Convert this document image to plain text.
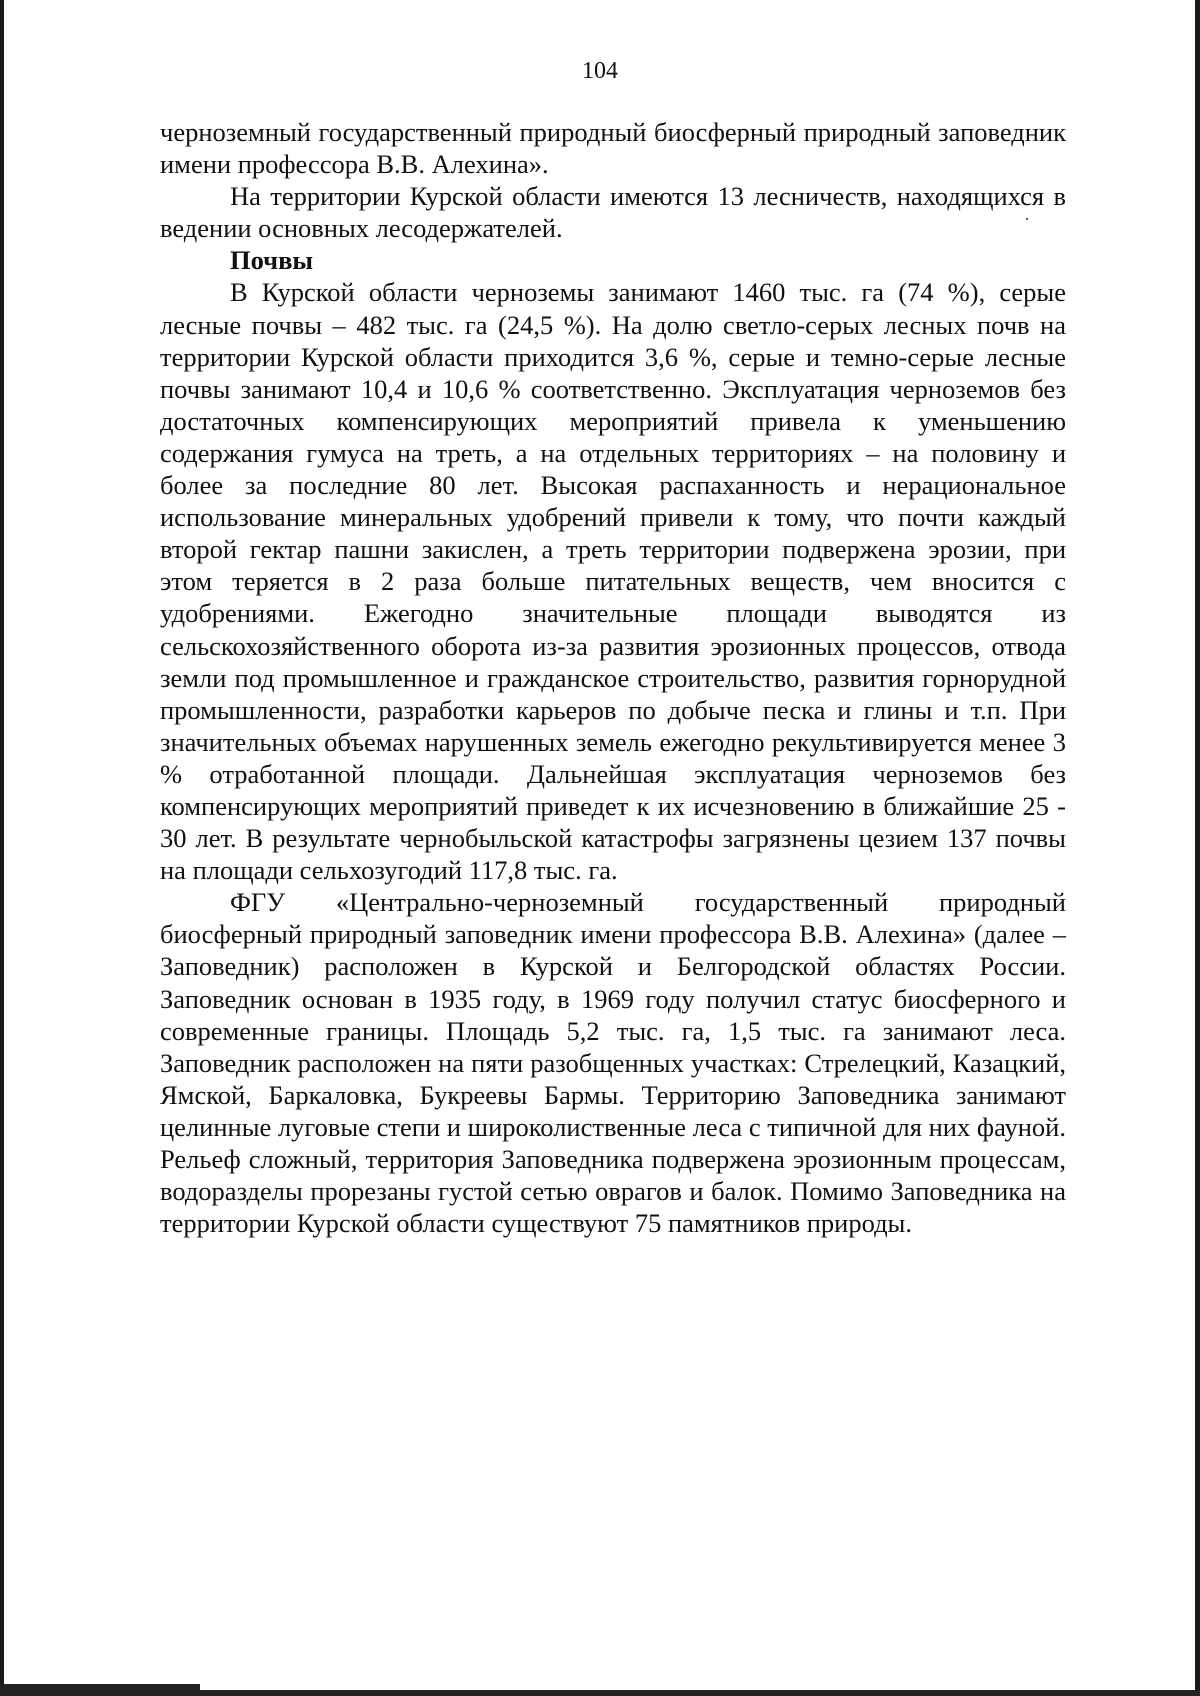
104

черноземный государственный природный биосферный природный заповедник имени профессора В.В. Алехина».

На территории Курской области имеются 13 лесничеств, находящихся в ведении основных лесодержателей.

Почвы

В Курской области черноземы занимают 1460 тыс. га (74 %), серые лесные почвы – 482 тыс. га (24,5 %). На долю светло-серых лесных почв на территории Курской области приходится 3,6 %, серые и темно-серые лесные почвы занимают 10,4 и 10,6 % соответственно. Эксплуатация черноземов без достаточных компенсирующих мероприятий привела к уменьшению содержания гумуса на треть, а на отдельных территориях – на половину и более за последние 80 лет. Высокая распаханность и нерациональное использование минеральных удобрений привели к тому, что почти каждый второй гектар пашни закислен, а треть территории подвержена эрозии, при этом теряется в 2 раза больше питательных веществ, чем вносится с удобрениями. Ежегодно значительные площади выводятся из сельскохозяйственного оборота из-за развития эрозионных процессов, отвода земли под промышленное и гражданское строительство, развития горнорудной промышленности, разработки карьеров по добыче песка и глины и т.п. При значительных объемах нарушенных земель ежегодно рекультивируется менее 3 % отработанной площади. Дальнейшая эксплуатация черноземов без компенсирующих мероприятий приведет к их исчезновению в ближайшие 25 - 30 лет. В результате чернобыльской катастрофы загрязнены цезием 137 почвы на площади сельхозугодий 117,8 тыс. га.

ФГУ «Центрально-черноземный государственный природный биосферный природный заповедник имени профессора В.В. Алехина» (далее – Заповедник) расположен в Курской и Белгородской областях России. Заповедник основан в 1935 году, в 1969 году получил статус биосферного и современные границы. Площадь 5,2 тыс. га, 1,5 тыс. га занимают леса. Заповедник расположен на пяти разобщенных участках: Стрелецкий, Казацкий, Ямской, Баркаловка, Букреевы Бармы. Территорию Заповедника занимают целинные луговые степи и широколиственные леса с типичной для них фауной. Рельеф сложный, территория Заповедника подвержена эрозионным процессам, водоразделы прорезаны густой сетью оврагов и балок. Помимо Заповедника на территории Курской области существуют 75 памятников природы.
